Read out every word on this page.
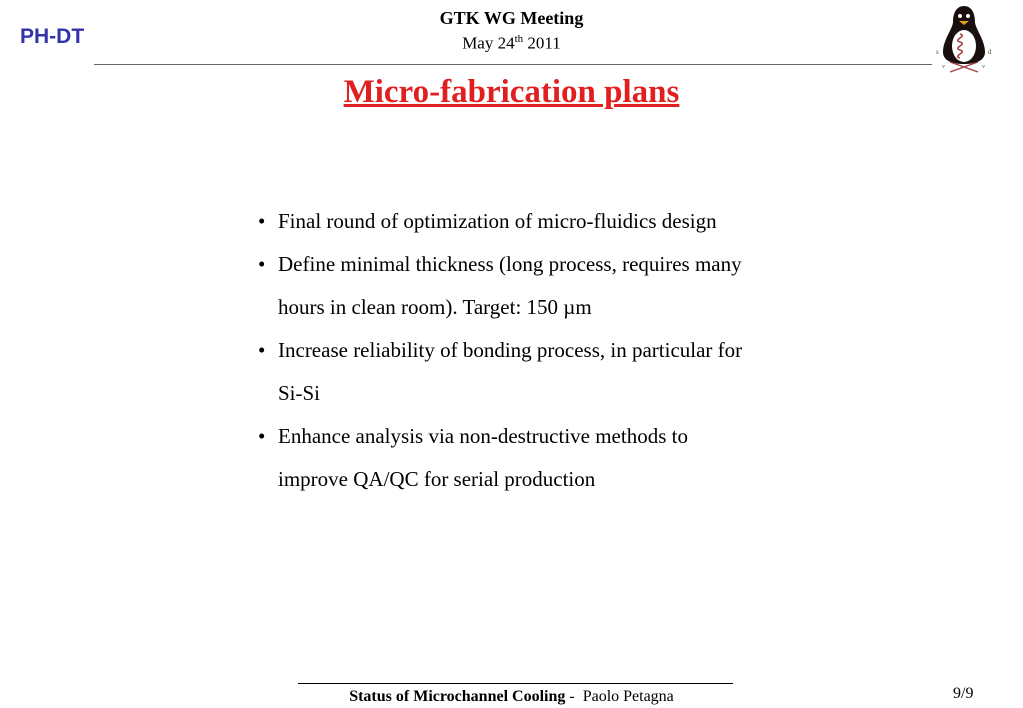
PH-DT
GTK WG Meeting
May 24th 2011	s	d
v	v
Micro-fabrication plans
• Final round of optimization of micro-fluidics design
• Define minimal thickness (long process, requires many hours in clean room). Target: 150 µm
• Increase reliability of bonding process, in particular for Si-Si
• Enhance analysis via non-destructive methods to improve QA/QC for serial production
Status of Microchannel Cooling -  Paolo Petagna	9/9
